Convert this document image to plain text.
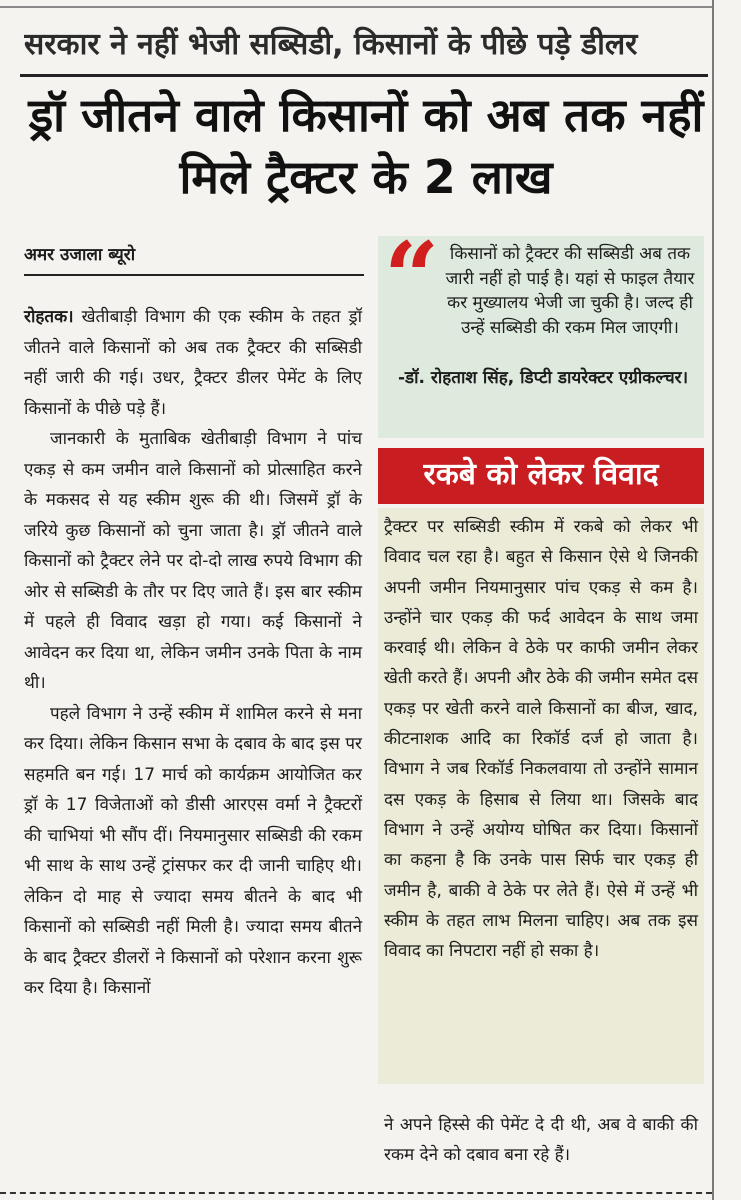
सरकार ने नहीं भेजी सब्सिडी, किसानों के पीछे पड़े डीलर
ड्रॉ जीतने वाले किसानों को अब तक नहीं मिले ट्रैक्टर के 2 लाख
अमर उजाला ब्यूरो

रोहतक। खेतीबाड़ी विभाग की एक स्कीम के तहत ड्रॉ जीतने वाले किसानों को अब तक ट्रैक्टर की सब्सिडी नहीं जारी की गई। उधर, ट्रैक्टर डीलर पेमेंट के लिए किसानों के पीछे पड़े हैं।

जानकारी के मुताबिक खेतीबाड़ी विभाग ने पांच एकड़ से कम जमीन वाले किसानों को प्रोत्साहित करने के मकसद से यह स्कीम शुरू की थी। जिसमें ड्रॉ के जरिये कुछ किसानों को चुना जाता है। ड्रॉ जीतने वाले किसानों को ट्रैक्टर लेने पर दो-दो लाख रुपये विभाग की ओर से सब्सिडी के तौर पर दिए जाते हैं। इस बार स्कीम में पहले ही विवाद खड़ा हो गया। कई किसानों ने आवेदन कर दिया था, लेकिन जमीन उनके पिता के नाम थी।

पहले विभाग ने उन्हें स्कीम में शामिल करने से मना कर दिया। लेकिन किसान सभा के दबाव के बाद इस पर सहमति बन गई। 17 मार्च को कार्यक्रम आयोजित कर ड्रॉ के 17 विजेताओं को डीसी आरएस वर्मा ने ट्रैक्टरों की चाभियां भी सौंप दीं। नियमानुसार सब्सिडी की रकम भी साथ के साथ उन्हें ट्रांसफर कर दी जानी चाहिए थी। लेकिन दो माह से ज्यादा समय बीतने के बाद भी किसानों को सब्सिडी नहीं मिली है। ज्यादा समय बीतने के बाद ट्रैक्टर डीलरों ने किसानों को परेशान करना शुरू कर दिया है। किसानों

“ किसानों को ट्रैक्टर की सब्सिडी अब तक जारी नहीं हो पाई है। यहां से फाइल तैयार कर मुख्यालय भेजी जा चुकी है। जल्द ही उन्हें सब्सिडी की रकम मिल जाएगी।
-डॉ. रोहताश सिंह, डिप्टी डायरेक्टर एग्रीकल्चर।
रकबे को लेकर विवाद
ट्रैक्टर पर सब्सिडी स्कीम में रकबे को लेकर भी विवाद चल रहा है। बहुत से किसान ऐसे थे जिनकी अपनी जमीन नियमानुसार पांच एकड़ से कम है। उन्होंने चार एकड़ की फर्द आवेदन के साथ जमा करवाई थी। लेकिन वे ठेके पर काफी जमीन लेकर खेती करते हैं। अपनी और ठेके की जमीन समेत दस एकड़ पर खेती करने वाले किसानों का बीज, खाद, कीटनाशक आदि का रिकॉर्ड दर्ज हो जाता है। विभाग ने जब रिकॉर्ड निकलवाया तो उन्होंने सामान दस एकड़ के हिसाब से लिया था। जिसके बाद विभाग ने उन्हें अयोग्य घोषित कर दिया। किसानों का कहना है कि उनके पास सिर्फ चार एकड़ ही जमीन है, बाकी वे ठेके पर लेते हैं। ऐसे में उन्हें भी स्कीम के तहत लाभ मिलना चाहिए। अब तक इस विवाद का निपटारा नहीं हो सका है।
ने अपने हिस्से की पेमेंट दे दी थी, अब वे बाकी की रकम देने को दबाव बना रहे हैं।
